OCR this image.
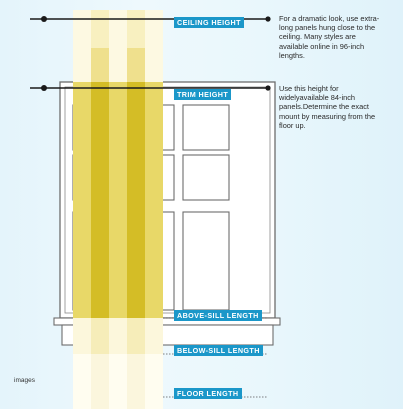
CEILING HEIGHT
TRIM HEIGHT
ABOVE-SILL LENGTH
BELOW-SILL LENGTH
FLOOR LENGTH
For a dramatic look, use extra-long panels hung close to the ceiling. Many styles are available online in 96-inch lengths.
Use this height for widelyavailable 84-inch panels.Determine the exact mount by measuring from the floor up.
images
